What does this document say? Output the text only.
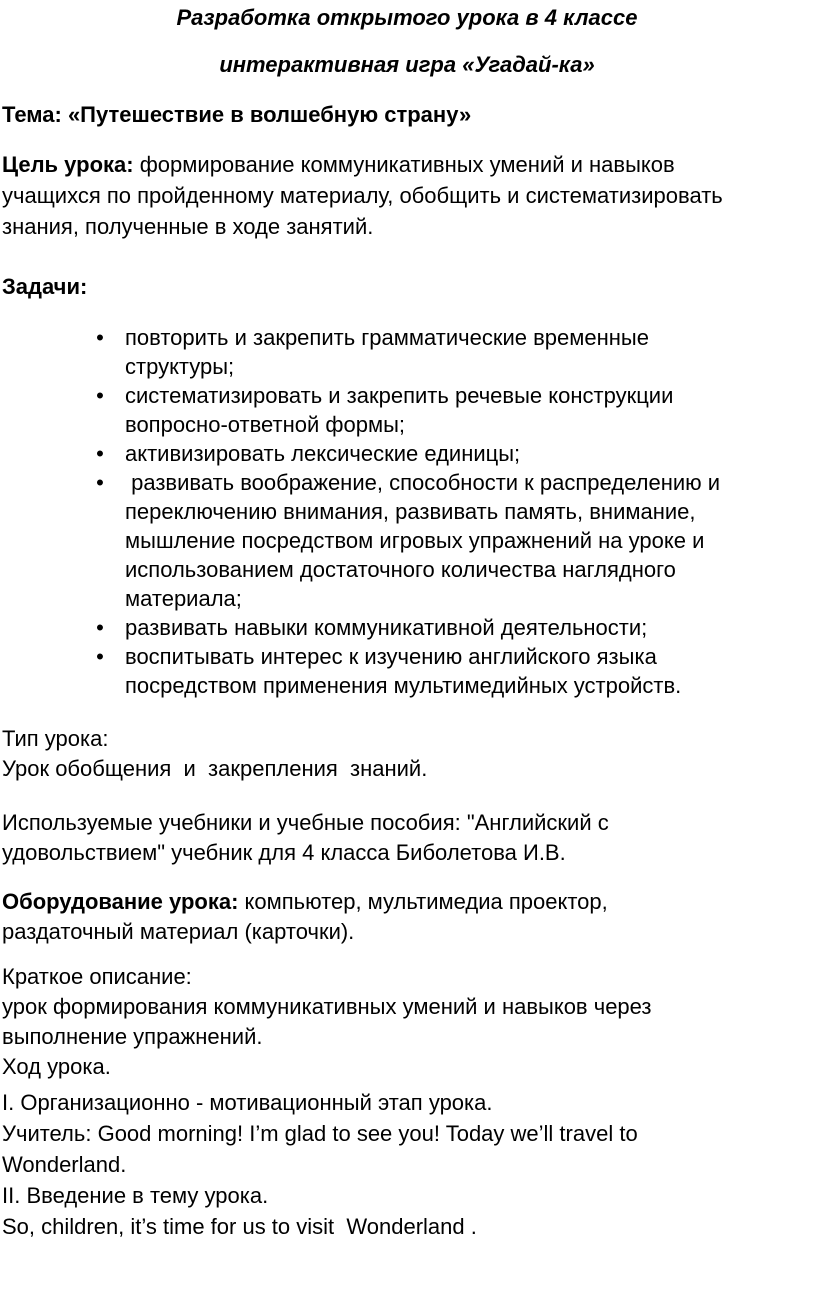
Разработка открытого урока в 4 классе
интерактивная игра «Угадай-ка»
Тема: «Путешествие в волшебную страну»
Цель урока: формирование коммуникативных умений и навыков
учащихся по пройденному материалу, обобщить и систематизировать
знания, полученные в ходе занятий.
Задачи:
• повторить и закрепить грамматические временные
структуры;
• систематизировать и закрепить речевые конструкции
вопросно-ответной формы;
• активизировать лексические единицы;
• развивать воображение, способности к распределению и
переключению внимания, развивать память, внимание,
мышление посредством игровых упражнений на уроке и
использованием достаточного количества наглядного
материала;
• развивать навыки коммуникативной деятельности;
• воспитывать интерес к изучению английского языка
посредством применения мультимедийных устройств.
Тип урока:
Урок обобщения  и  закрепления  знаний.
Используемые учебники и учебные пособия: "Английский с
удовольствием" учебник для 4 класса Биболетова И.В.
Оборудование урока: компьютер, мультимедиа проектор,
раздаточный материал (карточки).
Краткое описание:
урок формирования коммуникативных умений и навыков через
выполнение упражнений.
Ход урока.
I. Организационно - мотивационный этап урока.
Учитель: Good morning! I’m glad to see you! Today we’ll travel to
Wonderland.
II. Введение в тему урока.
So, children, it’s time for us to visit  Wonderland .
